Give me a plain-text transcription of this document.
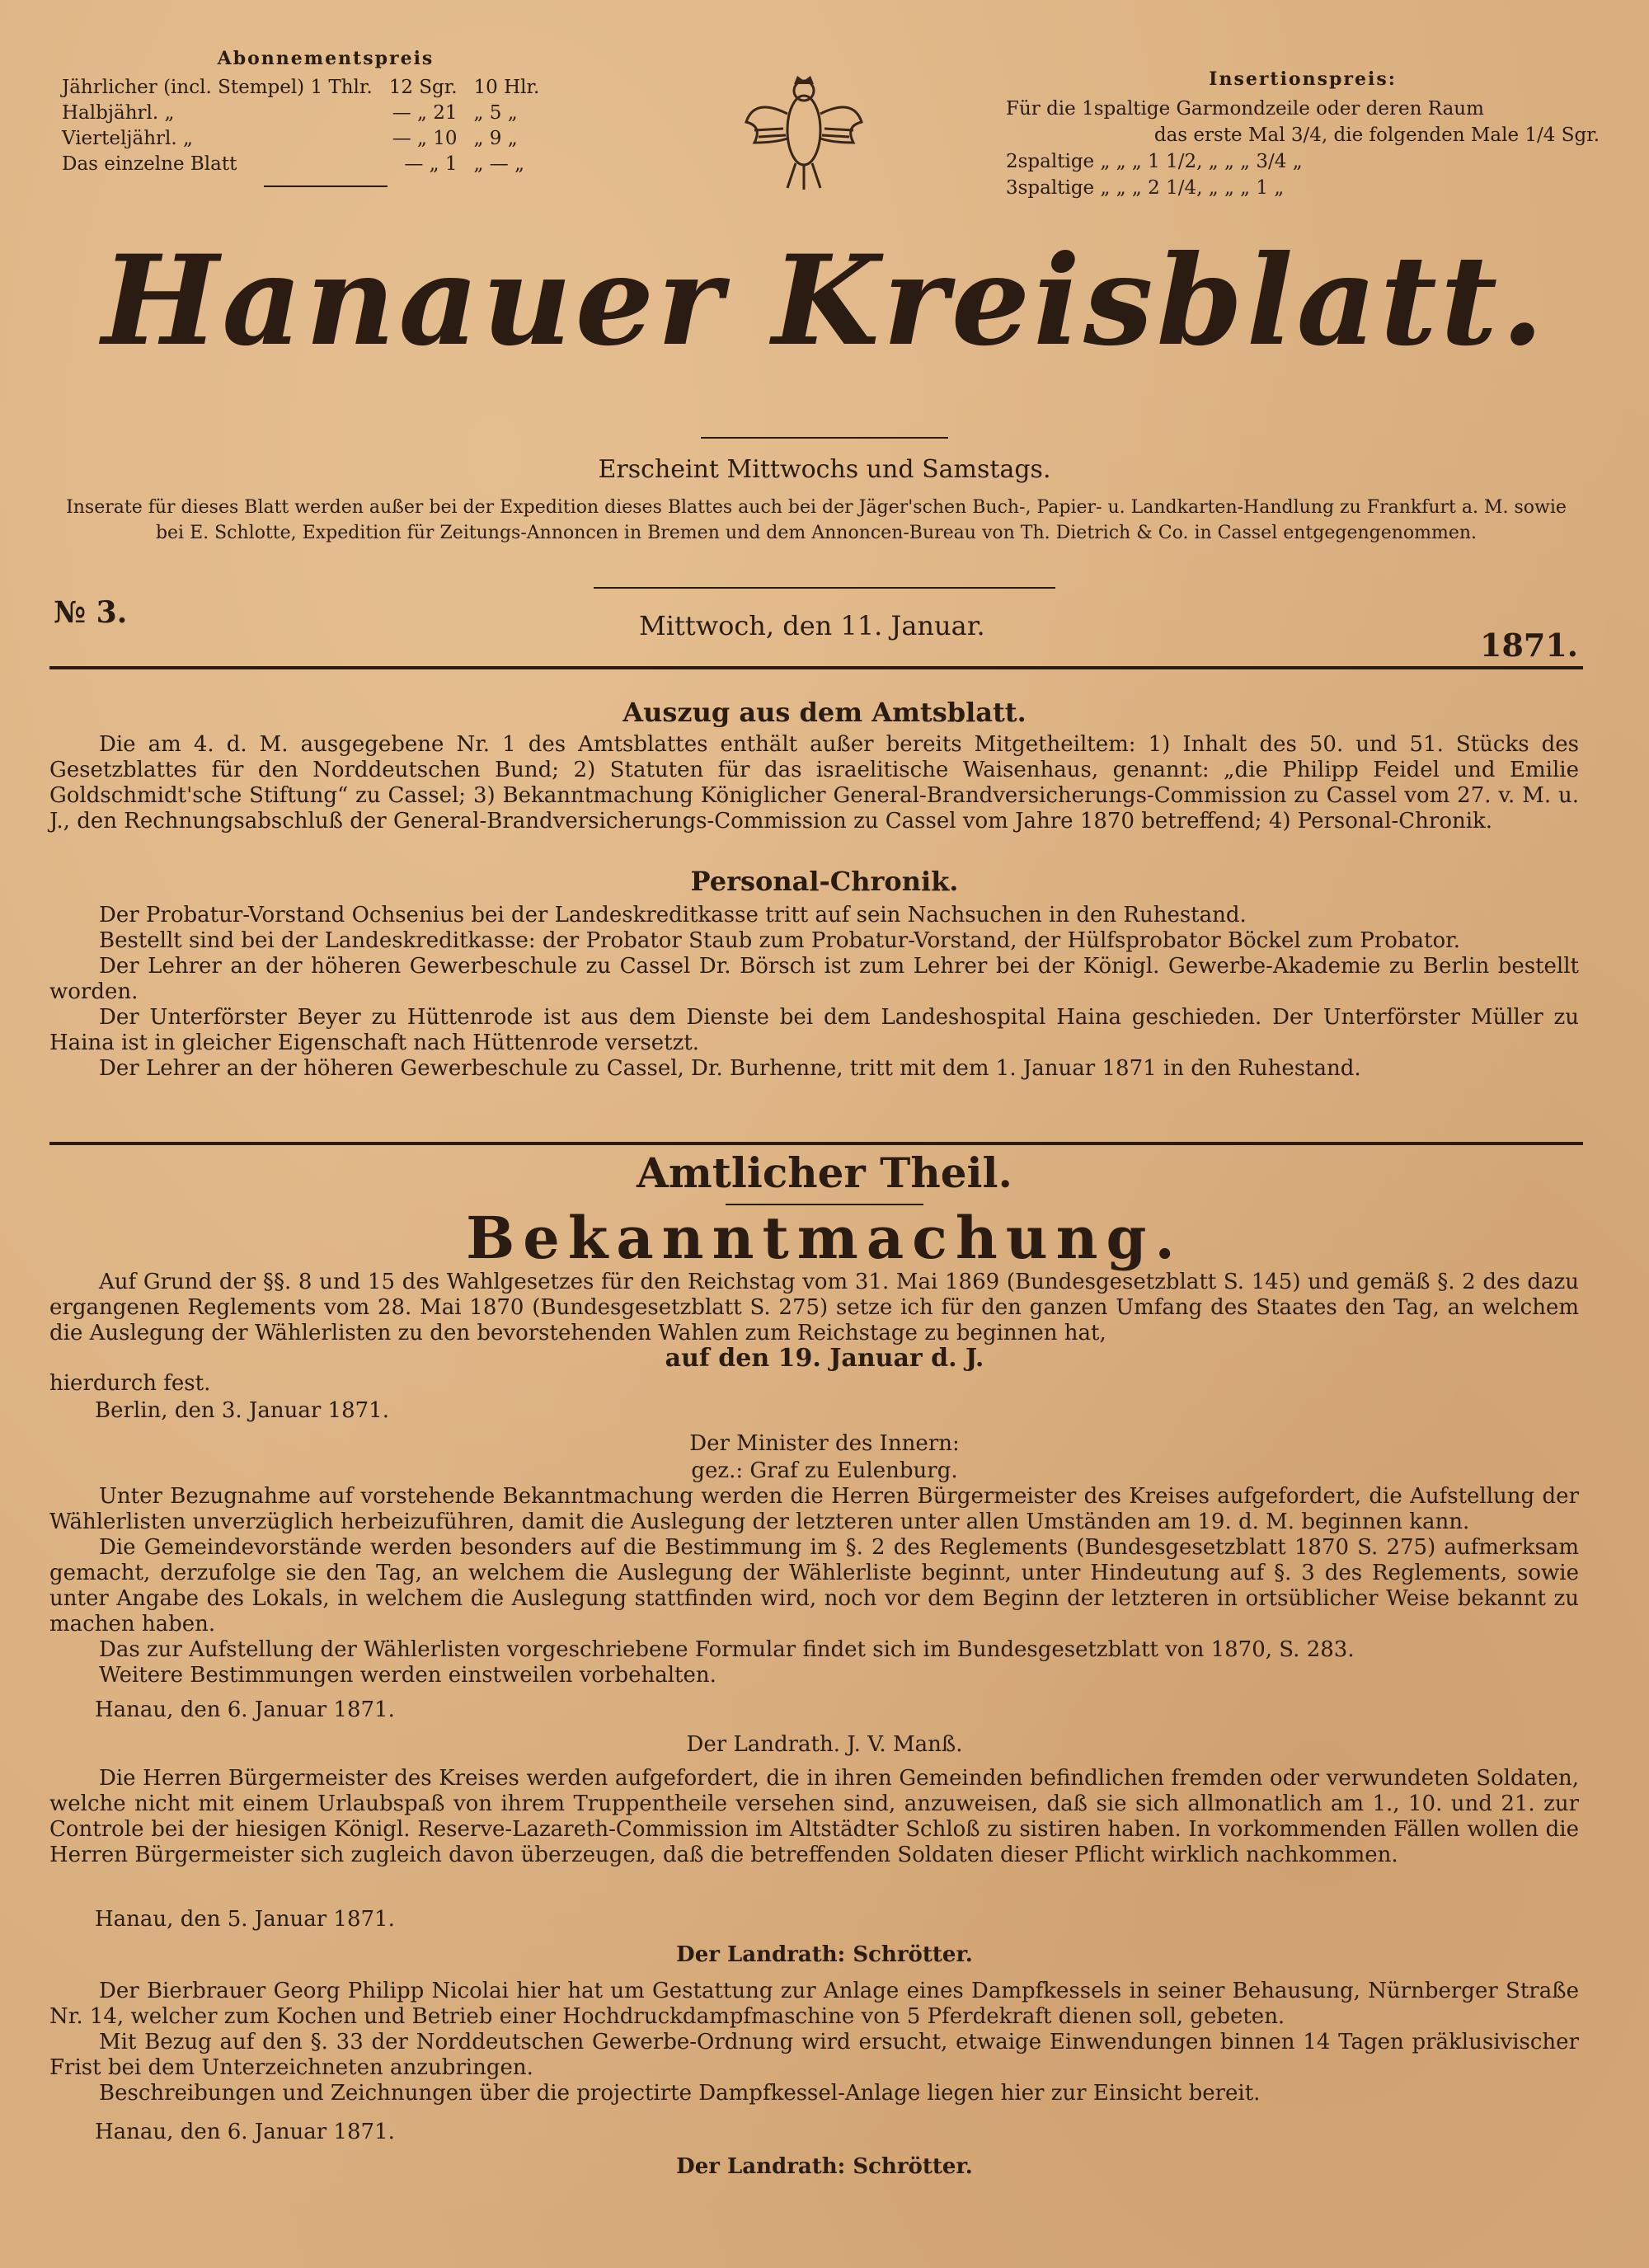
Abonnementspreis
Jährlicher (incl. Stempel) 1 Thlr.	12 Sgr.	10 Hlr.
Halbjährl. „	— „ 21	„ 5 „
Vierteljährl. „	— „ 10	„ 9 „
Das einzelne Blatt	— „ 1	„ — „
Insertionspreis:
Für die 1spaltige Garmondzeile oder deren Raum
das erste Mal 3/4, die folgenden Male 1/4 Sgr.
2spaltige „ „ „ 1 1/2, „ „ „ 3/4 „
3spaltige „ „ „ 2 1/4, „ „ „ 1 „
Hanauer Kreisblatt.
Erscheint Mittwochs und Samstags.
Inserate für dieses Blatt werden außer bei der Expedition dieses Blattes auch bei der Jäger'schen Buch-, Papier- u. Landkarten-Handlung zu Frankfurt a. M. sowie bei E. Schlotte, Expedition für Zeitungs-Annoncen in Bremen und dem Annoncen-Bureau von Th. Dietrich & Co. in Cassel entgegengenommen.
№ 3.	Mittwoch, den 11. Januar.
1871.
Auszug aus dem Amtsblatt.

Die am 4. d. M. ausgegebene Nr. 1 des Amtsblattes enthält außer bereits Mitgetheiltem: 1) Inhalt des 50. und 51. Stücks des Gesetzblattes für den Norddeutschen Bund; 2) Statuten für das israelitische Waisenhaus, genannt: „die Philipp Feidel und Emilie Goldschmidt'sche Stiftung“ zu Cassel; 3) Bekanntmachung Königlicher General-Brandversicherungs-Commission zu Cassel vom 27. v. M. u. J., den Rechnungsabschluß der General-Brandversicherungs-Commission zu Cassel vom Jahre 1870 betreffend; 4) Personal-Chronik.

Personal-Chronik.

Der Probatur-Vorstand Ochsenius bei der Landeskreditkasse tritt auf sein Nachsuchen in den Ruhestand.

Bestellt sind bei der Landeskreditkasse: der Probator Staub zum Probatur-Vorstand, der Hülfsprobator Böckel zum Probator.

Der Lehrer an der höheren Gewerbeschule zu Cassel Dr. Börsch ist zum Lehrer bei der Königl. Gewerbe-Akademie zu Berlin bestellt worden.

Der Unterförster Beyer zu Hüttenrode ist aus dem Dienste bei dem Landeshospital Haina geschieden. Der Unterförster Müller zu Haina ist in gleicher Eigenschaft nach Hüttenrode versetzt.

Der Lehrer an der höheren Gewerbeschule zu Cassel, Dr. Burhenne, tritt mit dem 1. Januar 1871 in den Ruhestand.

Amtlicher Theil.
Bekanntmachung.

Auf Grund der §§. 8 und 15 des Wahlgesetzes für den Reichstag vom 31. Mai 1869 (Bundesgesetzblatt S. 145) und gemäß §. 2 des dazu ergangenen Reglements vom 28. Mai 1870 (Bundesgesetzblatt S. 275) setze ich für den ganzen Umfang des Staates den Tag, an welchem die Auslegung der Wählerlisten zu den bevorstehenden Wahlen zum Reichstage zu beginnen hat,

auf den 19. Januar d. J.
hierdurch fest.
Berlin, den 3. Januar 1871.
Der Minister des Innern:
gez.: Graf zu Eulenburg.

Unter Bezugnahme auf vorstehende Bekanntmachung werden die Herren Bürgermeister des Kreises aufgefordert, die Aufstellung der Wählerlisten unverzüglich herbeizuführen, damit die Auslegung der letzteren unter allen Umständen am 19. d. M. beginnen kann.

Die Gemeindevorstände werden besonders auf die Bestimmung im §. 2 des Reglements (Bundesgesetzblatt 1870 S. 275) aufmerksam gemacht, derzufolge sie den Tag, an welchem die Auslegung der Wählerliste beginnt, unter Hindeutung auf §. 3 des Reglements, sowie unter Angabe des Lokals, in welchem die Auslegung stattfinden wird, noch vor dem Beginn der letzteren in ortsüblicher Weise bekannt zu machen haben.

Das zur Aufstellung der Wählerlisten vorgeschriebene Formular findet sich im Bundesgesetzblatt von 1870, S. 283.

Weitere Bestimmungen werden einstweilen vorbehalten.

Hanau, den 6. Januar 1871.
Der Landrath. J. V. Manß.

Die Herren Bürgermeister des Kreises werden aufgefordert, die in ihren Gemeinden befindlichen fremden oder verwundeten Soldaten, welche nicht mit einem Urlaubspaß von ihrem Truppentheile versehen sind, anzuweisen, daß sie sich allmonatlich am 1., 10. und 21. zur Controle bei der hiesigen Königl. Reserve-Lazareth-Commission im Altstädter Schloß zu sistiren haben. In vorkommenden Fällen wollen die Herren Bürgermeister sich zugleich davon überzeugen, daß die betreffenden Soldaten dieser Pflicht wirklich nachkommen.

Hanau, den 5. Januar 1871.
Der Landrath: Schrötter.

Der Bierbrauer Georg Philipp Nicolai hier hat um Gestattung zur Anlage eines Dampfkessels in seiner Behausung, Nürnberger Straße Nr. 14, welcher zum Kochen und Betrieb einer Hochdruckdampfmaschine von 5 Pferdekraft dienen soll, gebeten.

Mit Bezug auf den §. 33 der Norddeutschen Gewerbe-Ordnung wird ersucht, etwaige Einwendungen binnen 14 Tagen präklusivischer Frist bei dem Unterzeichneten anzubringen.

Beschreibungen und Zeichnungen über die projectirte Dampfkessel-Anlage liegen hier zur Einsicht bereit.

Hanau, den 6. Januar 1871.
Der Landrath: Schrötter.
